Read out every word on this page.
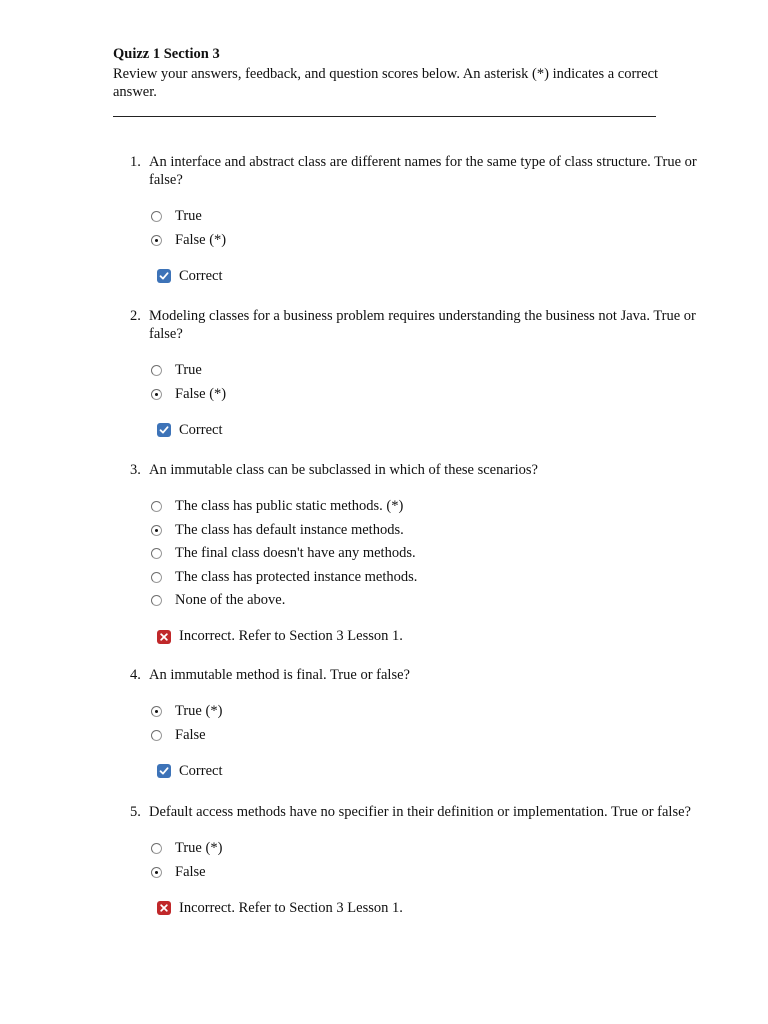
Quizz 1 Section 3
Review your answers, feedback, and question scores below. An asterisk (*) indicates a correct answer.
1. An interface and abstract class are different names for the same type of class structure. True or false?
True
False (*)
Correct
2. Modeling classes for a business problem requires understanding the business not Java. True or false?
True
False (*)
Correct
3. An immutable class can be subclassed in which of these scenarios?
The class has public static methods. (*)
The class has default instance methods.
The final class doesn't have any methods.
The class has protected instance methods.
None of the above.
Incorrect. Refer to Section 3 Lesson 1.
4. An immutable method is final. True or false?
True (*)
False
Correct
5. Default access methods have no specifier in their definition or implementation. True or false?
True (*)
False
Incorrect. Refer to Section 3 Lesson 1.
